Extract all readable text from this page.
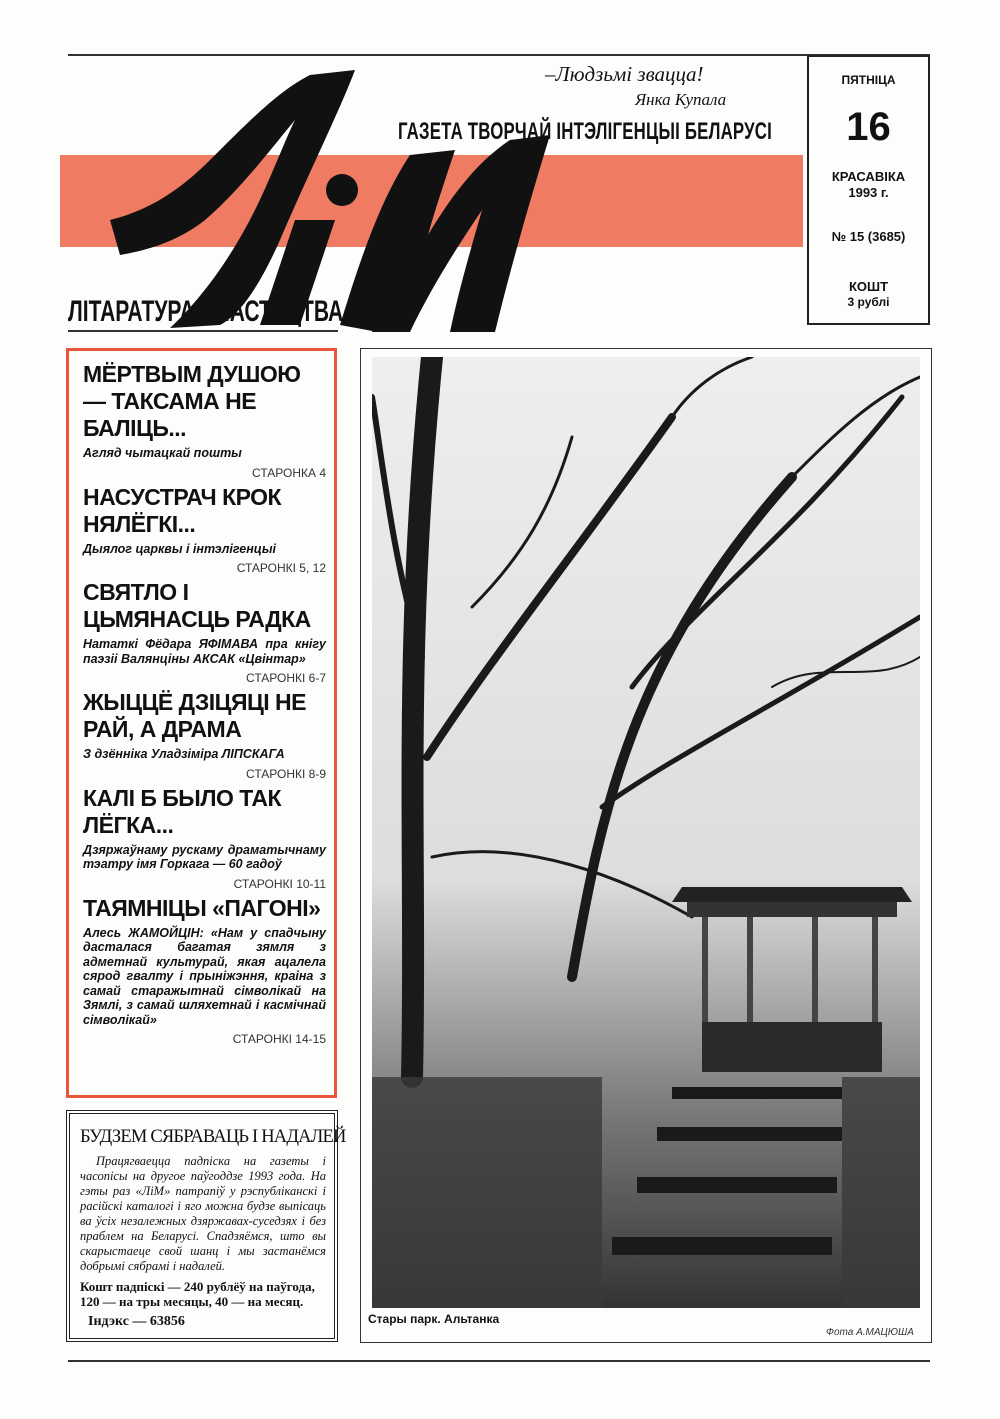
–Людзьмі зваццa!
Янка Купала
ГАЗЕТА ТВОРЧАЙ ІНТЭЛІГЕНЦЫІ БЕЛАРУСІ
ЛІТАРАТУРА І МАСТАЦТВА
ПЯТНІЦА
16
КРАСАВІКА
1993 г.
№ 15 (3685)
КОШТ
3 рублі
МЁРТВЫМ ДУШОЮ — ТАКСАМА НЕ БАЛІЦЬ...

Агляд чытацкай пошты

СТАРОНКА 4
НАСУСТРАЧ КРОК НЯЛЁГКІ...

Дыялог царквы і інтэлігенцыі

СТАРОНКІ 5, 12
СВЯТЛО І ЦЬМЯНАСЦЬ РАДКА

Нататкі Фёдара ЯФІМАВА пра кнігу паэзіі Валянціны АКСАК «Цвінтар»

СТАРОНКІ 6-7
ЖЫЦЦЁ ДЗІЦЯЦІ НЕ РАЙ, А ДРАМА

З дзённіка Уладзіміра ЛІПСКАГА

СТАРОНКІ 8-9
КАЛІ Б БЫЛО ТАК ЛЁГКА...

Дзяржаўнаму рускаму драматычнаму тэатру імя Горкага — 60 гадоў

СТАРОНКІ 10-11
ТАЯМНІЦЫ «ПАГОНІ»

Алесь ЖАМОЙЦІН: «Нам у спадчыну дасталася багатая зямля з адметнай культурай, якая ацалела сярод гвалту і прыніжэння, краіна з самай старажытнай сімволікай на Зямлі, з самай шляхетнай і касмічнай сімволікай»

СТАРОНКІ 14-15
БУДЗЕМ СЯБРАВАЦЬ І НАДАЛЕЙ
Працягваецца падпіска на газеты і часопісы на другое паўгоддзе 1993 года. На гэты раз «ЛіМ» патрапіў у рэспубліканскі і расійскі каталогі і яго можна будзе выпісаць ва ўсіх незалежных дзяржавах-суседзях і без праблем на Беларусі. Спадзяёмся, што вы скарыстаеце свой шанц і мы застанёмся добрымі сябрамі і надалей.
Кошт падпіскі — 240 рублёў на паўгода, 120 — на тры месяцы, 40 — на месяц.
Індэкс — 63856	Стары парк. Альтанка
Фота А.МАЦЮША
